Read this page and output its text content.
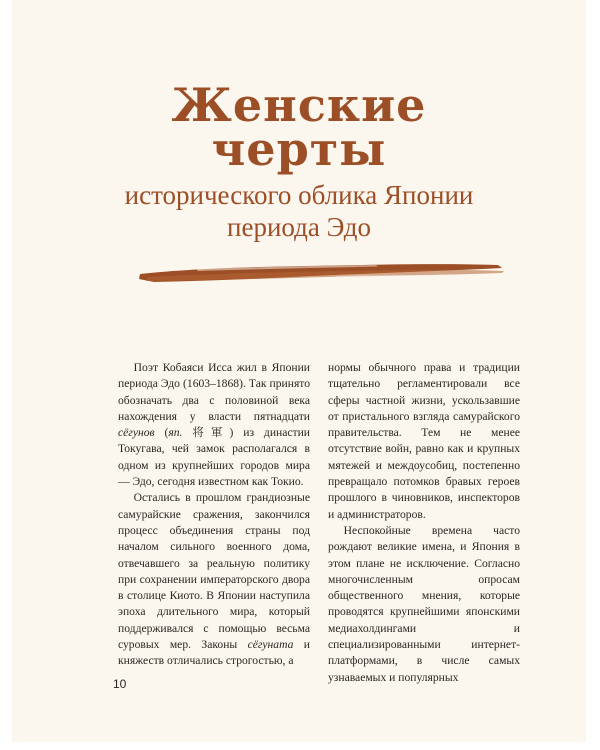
Женские
черты
исторического облика Японии
периода Эдо

Поэт Кобаяси Исса жил в Японии периода Эдо (1603–1868). Так принято обозначать два с половиной века нахождения у власти пятнадцати сёгунов (яп. 将軍) из династии Токугава, чей замок располагался в одном из крупнейших городов мира — Эдо, сегодня известном как Токио.

Остались в прошлом грандиозные самурайские сражения, закончился процесс объединения страны под началом сильного военного дома, отвечавшего за реальную политику при сохранении императорского двора в столице Киото. В Японии наступила эпоха длительного мира, который поддерживался с помощью весьма суровых мер. Законы сёгуната и княжеств отличались строгостью, а

нормы обычного права и традиции тщательно регламентировали все сферы частной жизни, ускользавшие от пристального взгляда самурайского правительства. Тем не менее отсутствие войн, равно как и крупных мятежей и междоусобиц, постепенно превращало потомков бравых героев прошлого в чиновников, инспекторов и администраторов.

Неспокойные времена часто рождают великие имена, и Япония в этом плане не исключение. Согласно многочисленным опросам общественного мнения, которые проводятся крупнейшими японскими медиахолдингами и специализированными интернет-платформами, в числе самых узнаваемых и популярных

10
